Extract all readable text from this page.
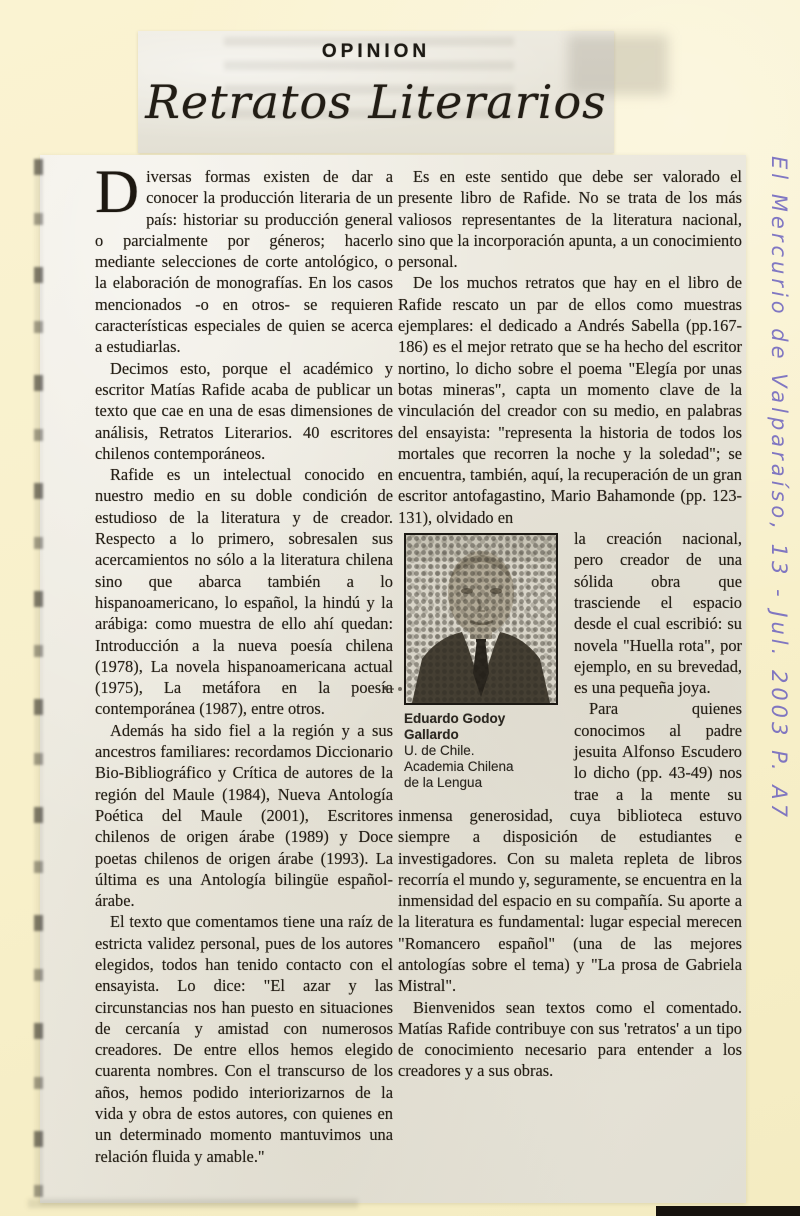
OPINION
Retratos Literarios

Diversas formas existen de dar a conocer la producción literaria de un país: historiar su producción general o parcialmente por géneros; hacerlo mediante selecciones de corte antológico, o la elaboración de monografías. En los casos mencionados -o en otros- se requieren características especiales de quien se acerca a estudiarlas.

Decimos esto, porque el académico y escritor Matías Rafide acaba de publicar un texto que cae en una de esas dimensiones de análisis, Retratos Literarios. 40 escritores chilenos contemporáneos.

Rafide es un intelectual conocido en nuestro medio en su doble condición de estudioso de la literatura y de creador. Respecto a lo primero, sobresalen sus acercamientos no sólo a la literatura chilena sino que abarca también a lo hispanoamericano, lo español, la hindú y la arábiga: como muestra de ello ahí quedan: Introducción a la nueva poesía chilena (1978), La novela hispanoamericana actual (1975), La metáfora en la poesía contemporánea (1987), entre otros.

Además ha sido fiel a la región y a sus ancestros familiares: recordamos Diccionario Bio-Bibliográfico y Crítica de autores de la región del Maule (1984), Nueva Antología Poética del Maule (2001), Escritores chilenos de origen árabe (1989) y Doce poetas chilenos de origen árabe (1993). La última es una Antología bilingüe español-árabe.

El texto que comentamos tiene una raíz de estricta validez personal, pues de los autores elegidos, todos han tenido contacto con el ensayista. Lo dice: "El azar y las circunstancias nos han puesto en situaciones de cercanía y amistad con numerosos creadores. De entre ellos hemos elegido cuarenta nombres. Con el transcurso de los años, hemos podido interiorizarnos de la vida y obra de estos autores, con quienes en un determinado momento mantuvimos una relación fluida y amable."

Es en este sentido que debe ser valorado el presente libro de Rafide. No se trata de los más valiosos representantes de la literatura nacional, sino que la incorporación apunta, a un conocimiento personal.

De los muchos retratos que hay en el libro de Rafide rescato un par de ellos como muestras ejemplares: el dedicado a Andrés Sabella (pp.167-186) es el mejor retrato que se ha hecho del escritor nortino, lo dicho sobre el poema "Elegía por unas botas mineras", capta un momento clave de la vinculación del creador con su medio, en palabras del ensayista: "representa la historia de todos los mortales que recorren la noche y la soledad"; se encuentra, también, aquí, la recuperación de un gran escritor antofagastino, Mario Bahamonde (pp. 123-131), olvidado en

Eduardo Godoy Gallardo
U. de Chile.
Academia Chilena
de la Lengua

la creación nacional, pero creador de una sólida obra que trasciende el espacio desde el cual escribió: su novela "Huella rota", por ejemplo, en su brevedad, es una pequeña joya.

Para quienes conocimos al padre jesuita Alfonso Escudero lo dicho (pp. 43-49) nos trae a la mente su inmensa generosidad, cuya biblioteca estuvo siempre a disposición de estudiantes e investigadores. Con su maleta repleta de libros recorría el mundo y, seguramente, se encuentra en la inmensidad del espacio en su compañía. Su aporte a la literatura es fundamental: lugar especial merecen "Romancero español" (una de las mejores antologías sobre el tema) y "La prosa de Gabriela Mistral".

Bienvenidos sean textos como el comentado. Matías Rafide contribuye con sus 'retratos' a un tipo de conocimiento necesario para entender a los creadores y a sus obras.

El Mercurio de Valparaíso, 13 - Jul. 2003 P. A7
